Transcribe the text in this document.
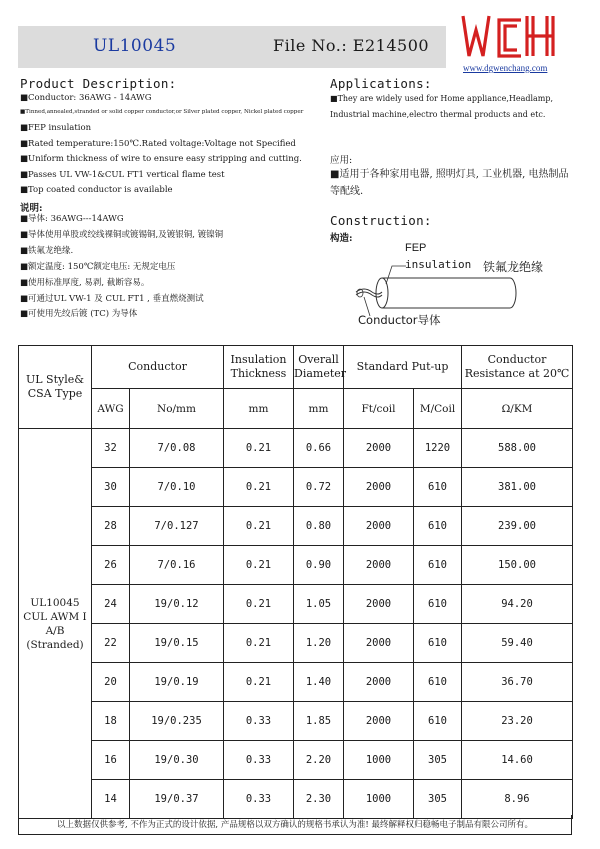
UL10045	File No.: E214500
www.dgwenchang.com
Product Description:
■Conductor: 36AWG - 14AWG
■Tinned,annealed,stranded or solid copper conductor,or Silver plated copper, Nickel plated copper
■FEP insulation
■Rated temperature:150℃.Rated voltage:Voltage not Specified
■Uniform thickness of wire to ensure easy stripping and cutting.
■Passes UL VW-1&CUL FT1 vertical flame test
■Top coated conductor is available
说明:
■导体: 36AWG---14AWG
■导体使用单股或绞线裸铜或镀锡铜,及镀银铜, 镀镍铜
■铁氟龙绝缘.
■额定温度: 150℃额定电压: 无规定电压
■使用标准厚度, 易剥, 截断容易。
■可通过UL VW-1 及 CUL FT1 , 垂直燃烧测试
■可使用先绞后镀 (TC) 为导体
Applications:
■They are widely used for Home appliance,Headlamp, Industrial machine,electro thermal products and etc.
应用:
■适用于各种家用电器, 照明灯具, 工业机器, 电热制品等配线.
Construction:
构造:
FEP
insulation 铁氟龙绝缘
Conductor导体
UL Style& CSA Type	Conductor		Insulation Thickness	Overall Diameter	Standard Put-up		Conductor Resistance at 20℃
	AWG	No/mm	mm	mm	Ft/coil	M/Coil	Ω/KM
UL10045 CUL AWM I A/B (Stranded)	32	7/0.08	0.21	0.66	2000	1220	588.00
	30	7/0.10	0.21	0.72	2000	610	381.00
	28	7/0.127	0.21	0.80	2000	610	239.00
	26	7/0.16	0.21	0.90	2000	610	150.00
	24	19/0.12	0.21	1.05	2000	610	94.20
	22	19/0.15	0.21	1.20	2000	610	59.40
	20	19/0.19	0.21	1.40	2000	610	36.70
	18	19/0.235	0.33	1.85	2000	610	23.20
	16	19/0.30	0.33	2.20	1000	305	14.60
	14	19/0.37	0.33	2.30	1000	305	8.96
以上数据仅供参考, 不作为正式的设计依据, 产品规格以双方确认的规格书承认为准! 最终解释权归稳畅电子制品有限公司所有。
